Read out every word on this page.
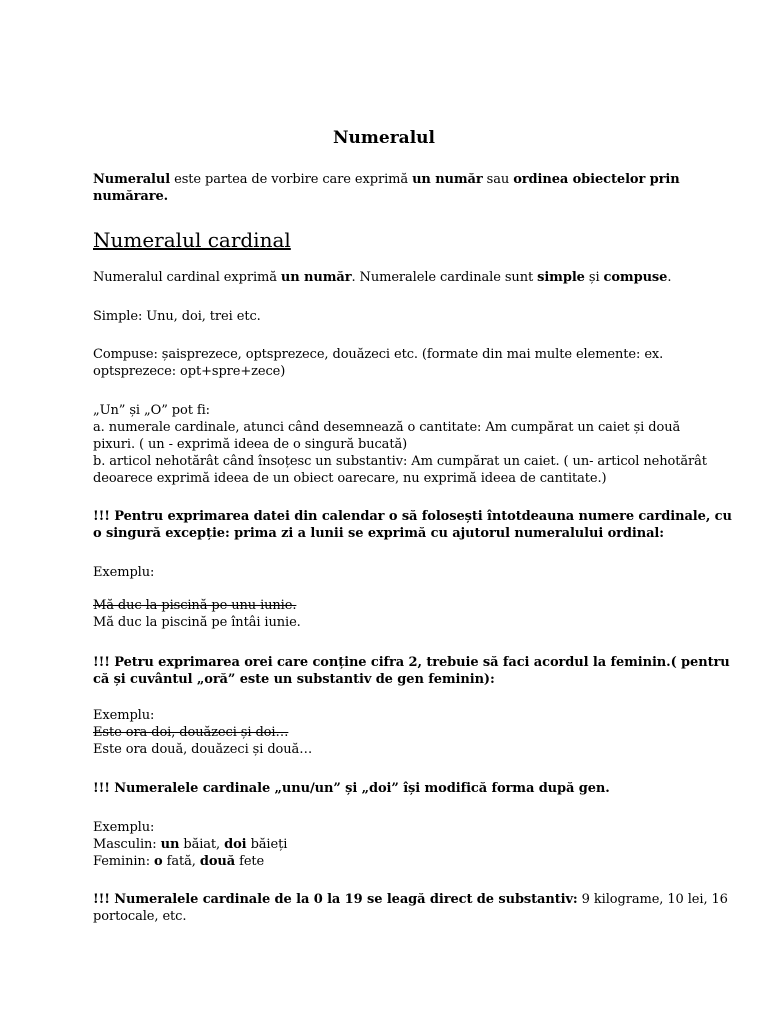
Numeralul
Numeralul este partea de vorbire care exprimă un număr sau ordinea obiectelor prin
numărare.
Numeralul cardinal
Numeralul cardinal exprimă un număr. Numeralele cardinale sunt simple și compuse.
Simple: Unu, doi, trei etc.
Compuse: șaisprezece, optsprezece, douăzeci etc. (formate din mai multe elemente: ex.
optsprezece: opt+spre+zece)
„Un” și „O” pot fi:
a. numerale cardinale, atunci când desemnează o cantitate: Am cumpărat un caiet și două
pixuri. ( un - exprimă ideea de o singură bucată)
b. articol nehotărât când însoțesc un substantiv: Am cumpărat un caiet. ( un- articol nehotărât
deoarece exprimă ideea de un obiect oarecare, nu exprimă ideea de cantitate.)
!!! Pentru exprimarea datei din calendar o să folosești întotdeauna numere cardinale, cu
o singură excepție: prima zi a lunii se exprimă cu ajutorul numeralului ordinal:
Exemplu:
Mă duc la piscină pe unu iunie.
Mă duc la piscină pe întâi iunie.
!!! Petru exprimarea orei care conține cifra 2, trebuie să faci acordul la feminin.( pentru
că și cuvântul „oră” este un substantiv de gen feminin):
Exemplu:
Este ora doi, douăzeci și doi…
Este ora două, douăzeci și două…
!!! Numeralele cardinale „unu/un” și „doi” își modifică forma după gen.
Exemplu:
Masculin: un băiat, doi băieți
Feminin: o fată, două fete
!!! Numeralele cardinale de la 0 la 19 se leagă direct de substantiv: 9 kilograme, 10 lei, 16
portocale, etc.
